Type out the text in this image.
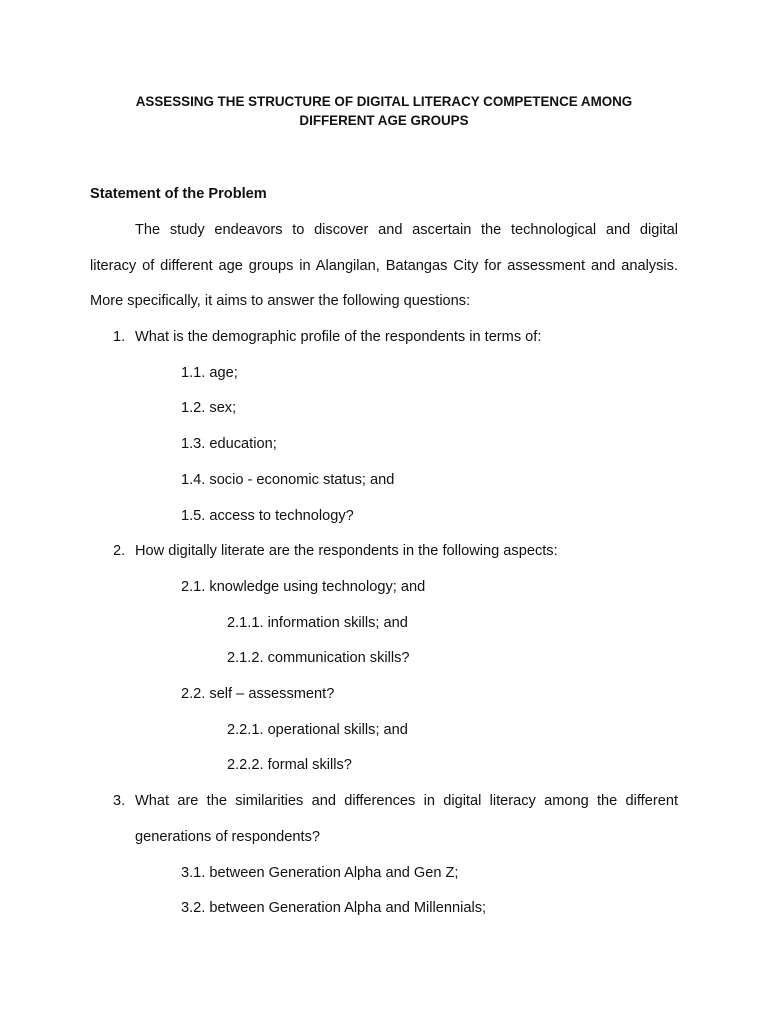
ASSESSING THE STRUCTURE OF DIGITAL LITERACY COMPETENCE AMONG
DIFFERENT AGE GROUPS
Statement of the Problem
The study endeavors to discover and ascertain the technological and digital
literacy of different age groups in Alangilan, Batangas City for assessment and analysis.
More specifically, it aims to answer the following questions:
1. What is the demographic profile of the respondents in terms of:
1.1. age;
1.2. sex;
1.3. education;
1.4. socio - economic status; and
1.5. access to technology?
2. How digitally literate are the respondents in the following aspects:
2.1. knowledge using technology; and
2.1.1. information skills; and
2.1.2. communication skills?
2.2. self – assessment?
2.2.1. operational skills; and
2.2.2. formal skills?
3. What are the similarities and differences in digital literacy among the different
generations of respondents?
3.1. between Generation Alpha and Gen Z;
3.2. between Generation Alpha and Millennials;
